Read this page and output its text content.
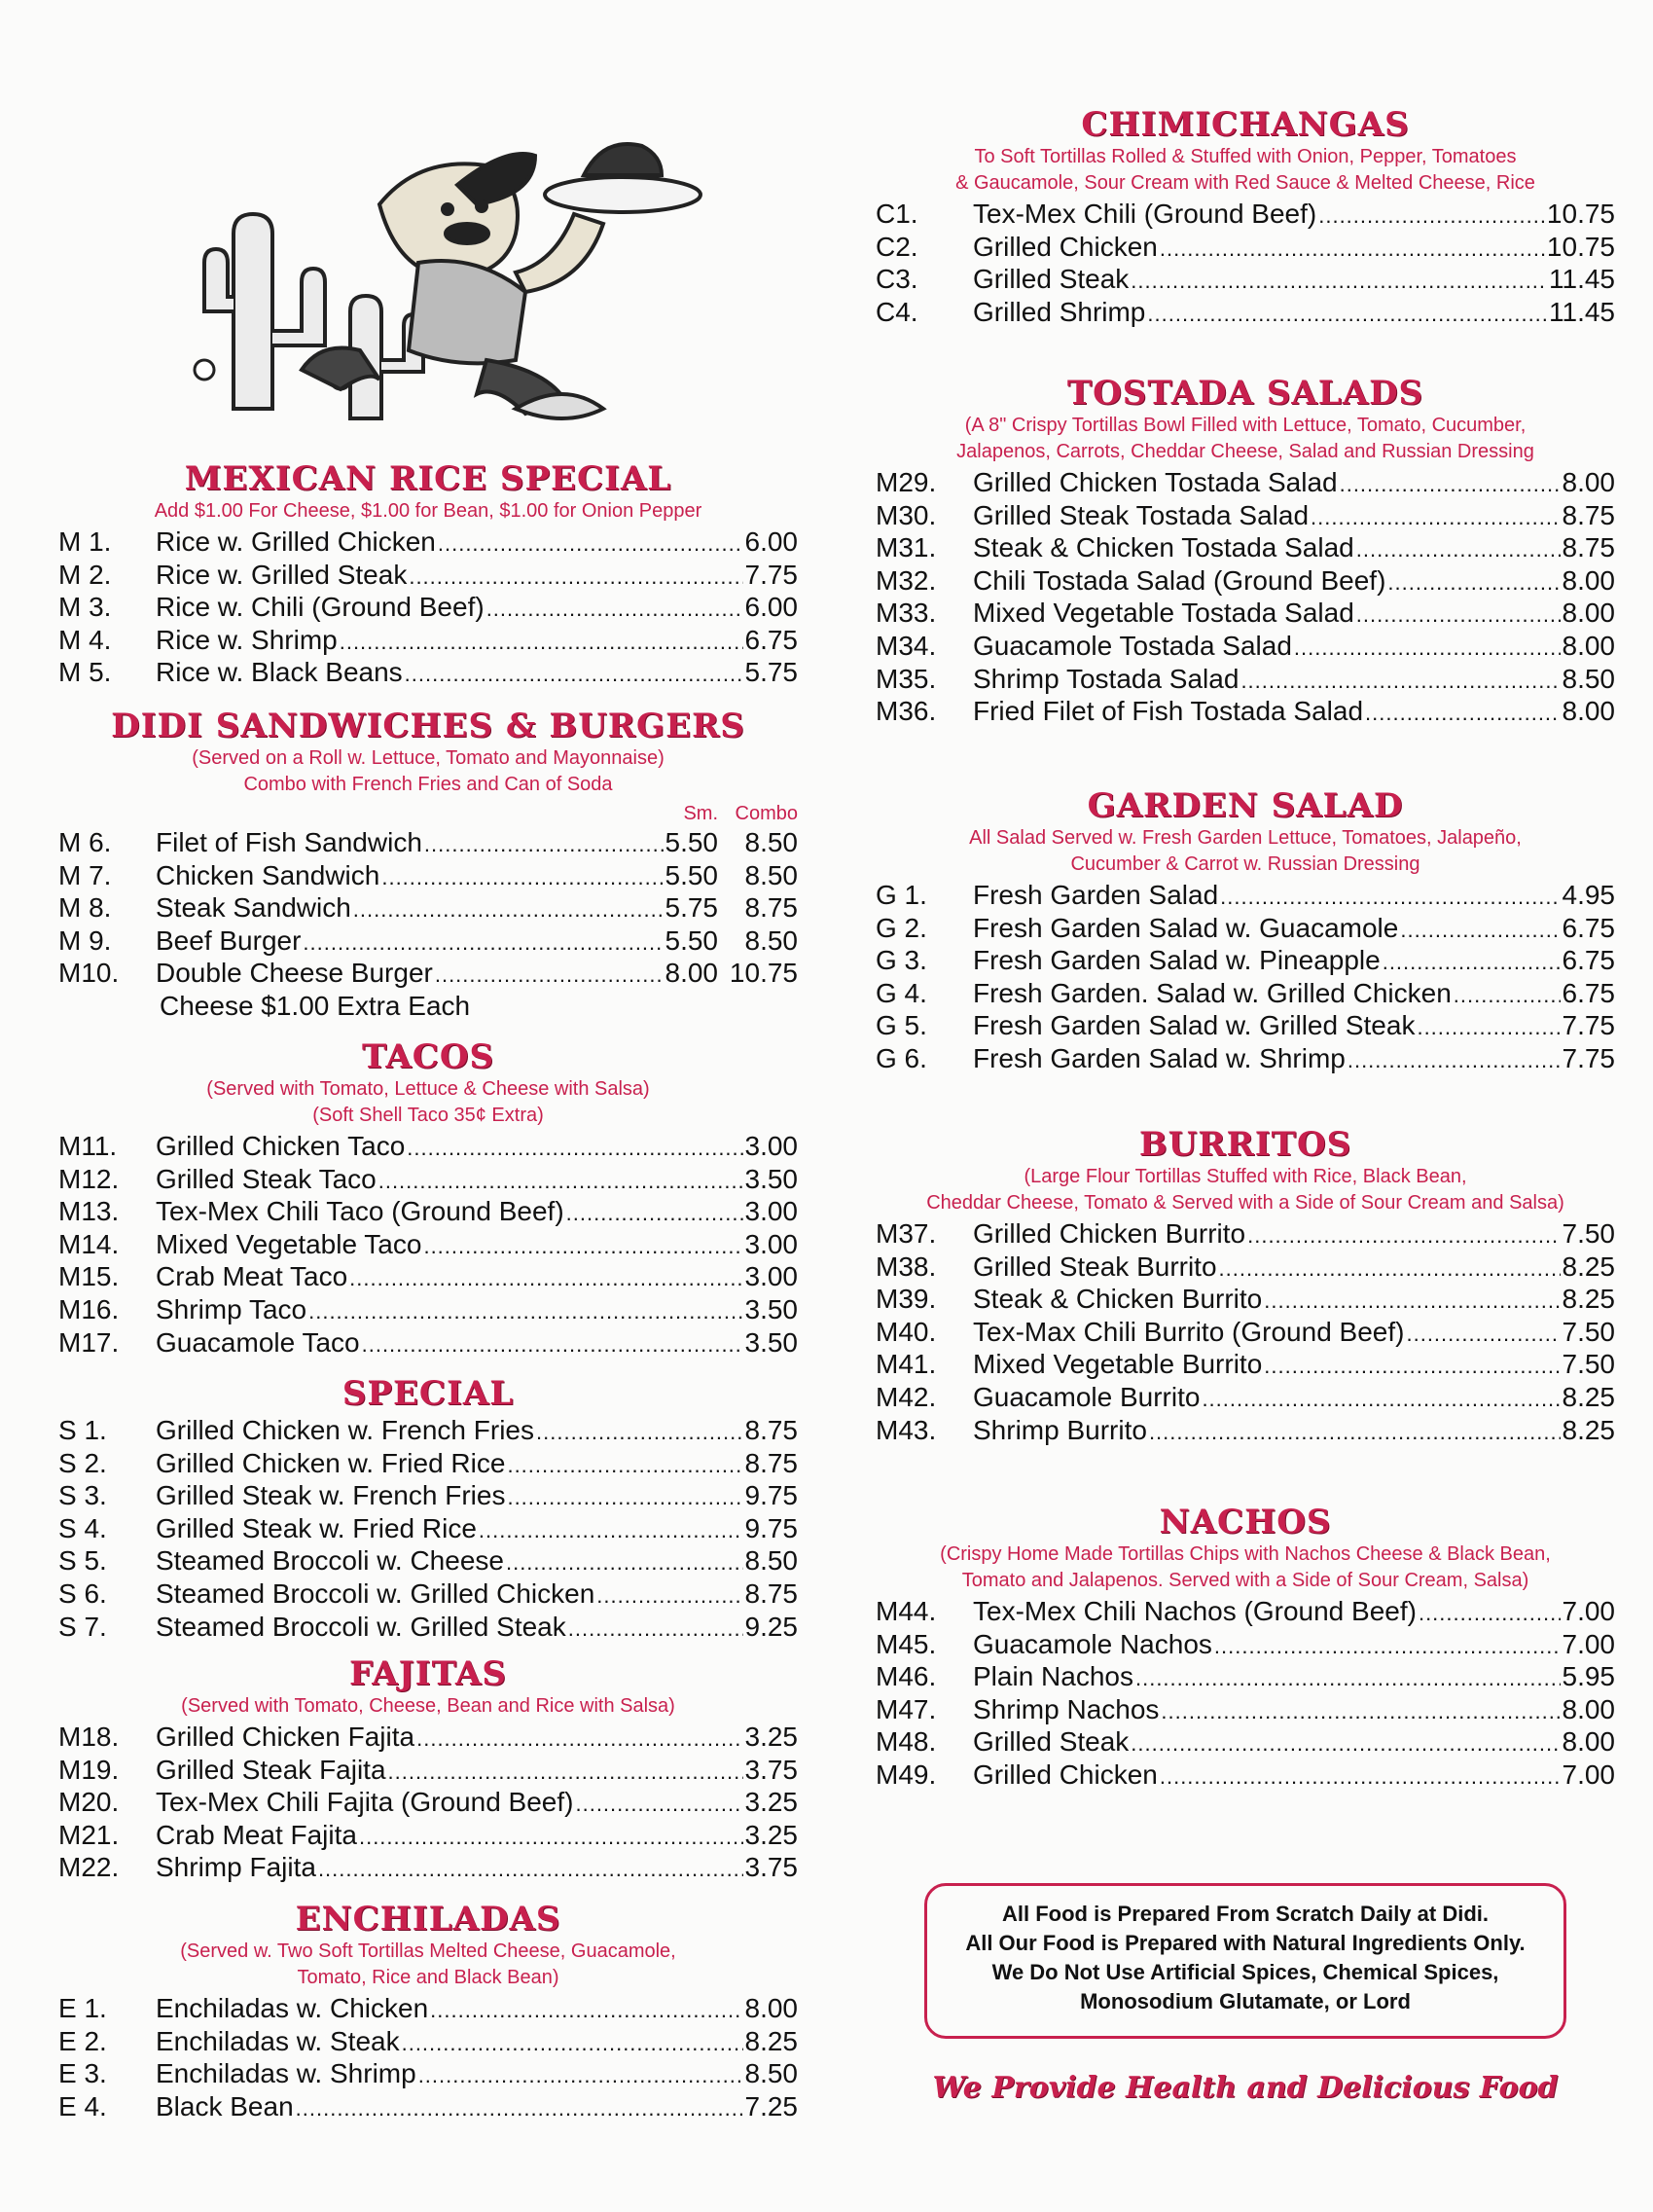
MEXICAN RICE SPECIAL

Add $1.00 For Cheese, $1.00 for Bean, $1.00 for Onion Pepper

M 1.	Rice w. Grilled Chicken .....	6.00
M 2.	Rice w. Grilled Steak .....	7.75
M 3.	Rice w. Chili (Ground Beef) .....	6.00
M 4.	Rice w. Shrimp .....	6.75
M 5.	Rice w. Black Beans .....	5.75
DIDI SANDWICHES & BURGERS

(Served on a Roll w. Lettuce, Tomato and Mayonnaise)

Combo with French Fries and Can of Soda

Sm. Combo
M 6.	Filet of Fish Sandwich .....	5.50 8.50
M 7.	Chicken Sandwich .....	5.50 8.50
M 8.	Steak Sandwich .....	5.75 8.75
M 9.	Beef Burger .....	5.50 8.50
M10.	Double Cheese Burger .....	8.00 10.75
Cheese $1.00 Extra Each
TACOS

(Served with Tomato, Lettuce & Cheese with Salsa)

(Soft Shell Taco 35¢ Extra)

M11.	Grilled Chicken Taco .....	3.00
M12.	Grilled Steak Taco .....	3.50
M13.	Tex-Mex Chili Taco (Ground Beef) .....	3.00
M14.	Mixed Vegetable Taco .....	3.00
M15.	Crab Meat Taco .....	3.00
M16.	Shrimp Taco .....	3.50
M17.	Guacamole Taco .....	3.50
SPECIAL
S 1.	Grilled Chicken w. French Fries .....	8.75
S 2.	Grilled Chicken w. Fried Rice .....	8.75
S 3.	Grilled Steak w. French Fries .....	9.75
S 4.	Grilled Steak w. Fried Rice .....	9.75
S 5.	Steamed Broccoli w. Cheese .....	8.50
S 6.	Steamed Broccoli w. Grilled Chicken .....	8.75
S 7.	Steamed Broccoli w. Grilled Steak .....	9.25
FAJITAS

(Served with Tomato, Cheese, Bean and Rice with Salsa)

M18.	Grilled Chicken Fajita .....	3.25
M19.	Grilled Steak Fajita .....	3.75
M20.	Tex-Mex Chili Fajita (Ground Beef) .....	3.25
M21.	Crab Meat Fajita .....	3.25
M22.	Shrimp Fajita .....	3.75
ENCHILADAS

(Served w. Two Soft Tortillas Melted Cheese, Guacamole,

Tomato, Rice and Black Bean)

E 1.	Enchiladas w. Chicken .....	8.00
E 2.	Enchiladas w. Steak .....	8.25
E 3.	Enchiladas w. Shrimp .....	8.50
E 4.	Black Bean .....	7.25
CHIMICHANGAS

To Soft Tortillas Rolled & Stuffed with Onion, Pepper, Tomatoes

& Gaucamole, Sour Cream with Red Sauce & Melted Cheese, Rice

C1.	Tex-Mex Chili (Ground Beef) .....	10.75
C2.	Grilled Chicken .....	10.75
C3.	Grilled Steak .....	11.45
C4.	Grilled Shrimp .....	11.45
TOSTADA SALADS

(A 8" Crispy Tortillas Bowl Filled with Lettuce, Tomato, Cucumber,

Jalapenos, Carrots, Cheddar Cheese, Salad and Russian Dressing

M29.	Grilled Chicken Tostada Salad .....	8.00
M30.	Grilled Steak Tostada Salad .....	8.75
M31.	Steak & Chicken Tostada Salad .....	8.75
M32.	Chili Tostada Salad (Ground Beef) .....	8.00
M33.	Mixed Vegetable Tostada Salad .....	8.00
M34.	Guacamole Tostada Salad .....	8.00
M35.	Shrimp Tostada Salad .....	8.50
M36.	Fried Filet of Fish Tostada Salad .....	8.00
GARDEN SALAD

All Salad Served w. Fresh Garden Lettuce, Tomatoes, Jalapeño,

Cucumber & Carrot w. Russian Dressing

G 1.	Fresh Garden Salad .....	4.95
G 2.	Fresh Garden Salad w. Guacamole .....	6.75
G 3.	Fresh Garden Salad w. Pineapple .....	6.75
G 4.	Fresh Garden. Salad w. Grilled Chicken .....	6.75
G 5.	Fresh Garden Salad w. Grilled Steak .....	7.75
G 6.	Fresh Garden Salad w. Shrimp .....	7.75
BURRITOS

(Large Flour Tortillas Stuffed with Rice, Black Bean,

Cheddar Cheese, Tomato & Served with a Side of Sour Cream and Salsa)

M37.	Grilled Chicken Burrito .....	7.50
M38.	Grilled Steak Burrito .....	8.25
M39.	Steak & Chicken Burrito .....	8.25
M40.	Tex-Max Chili Burrito (Ground Beef) .....	7.50
M41.	Mixed Vegetable Burrito .....	7.50
M42.	Guacamole Burrito .....	8.25
M43.	Shrimp Burrito .....	8.25
NACHOS

(Crispy Home Made Tortillas Chips with Nachos Cheese & Black Bean,

Tomato and Jalapenos. Served with a Side of Sour Cream, Salsa)

M44.	Tex-Mex Chili Nachos (Ground Beef) .....	7.00
M45.	Guacamole Nachos .....	7.00
M46.	Plain Nachos .....	5.95
M47.	Shrimp Nachos .....	8.00
M48.	Grilled Steak .....	8.00
M49.	Grilled Chicken .....	7.00
All Food is Prepared From Scratch Daily at Didi.
All Our Food is Prepared with Natural Ingredients Only.
We Do Not Use Artificial Spices, Chemical Spices,
Monosodium Glutamate, or Lord
We Provide Health and Delicious Food
